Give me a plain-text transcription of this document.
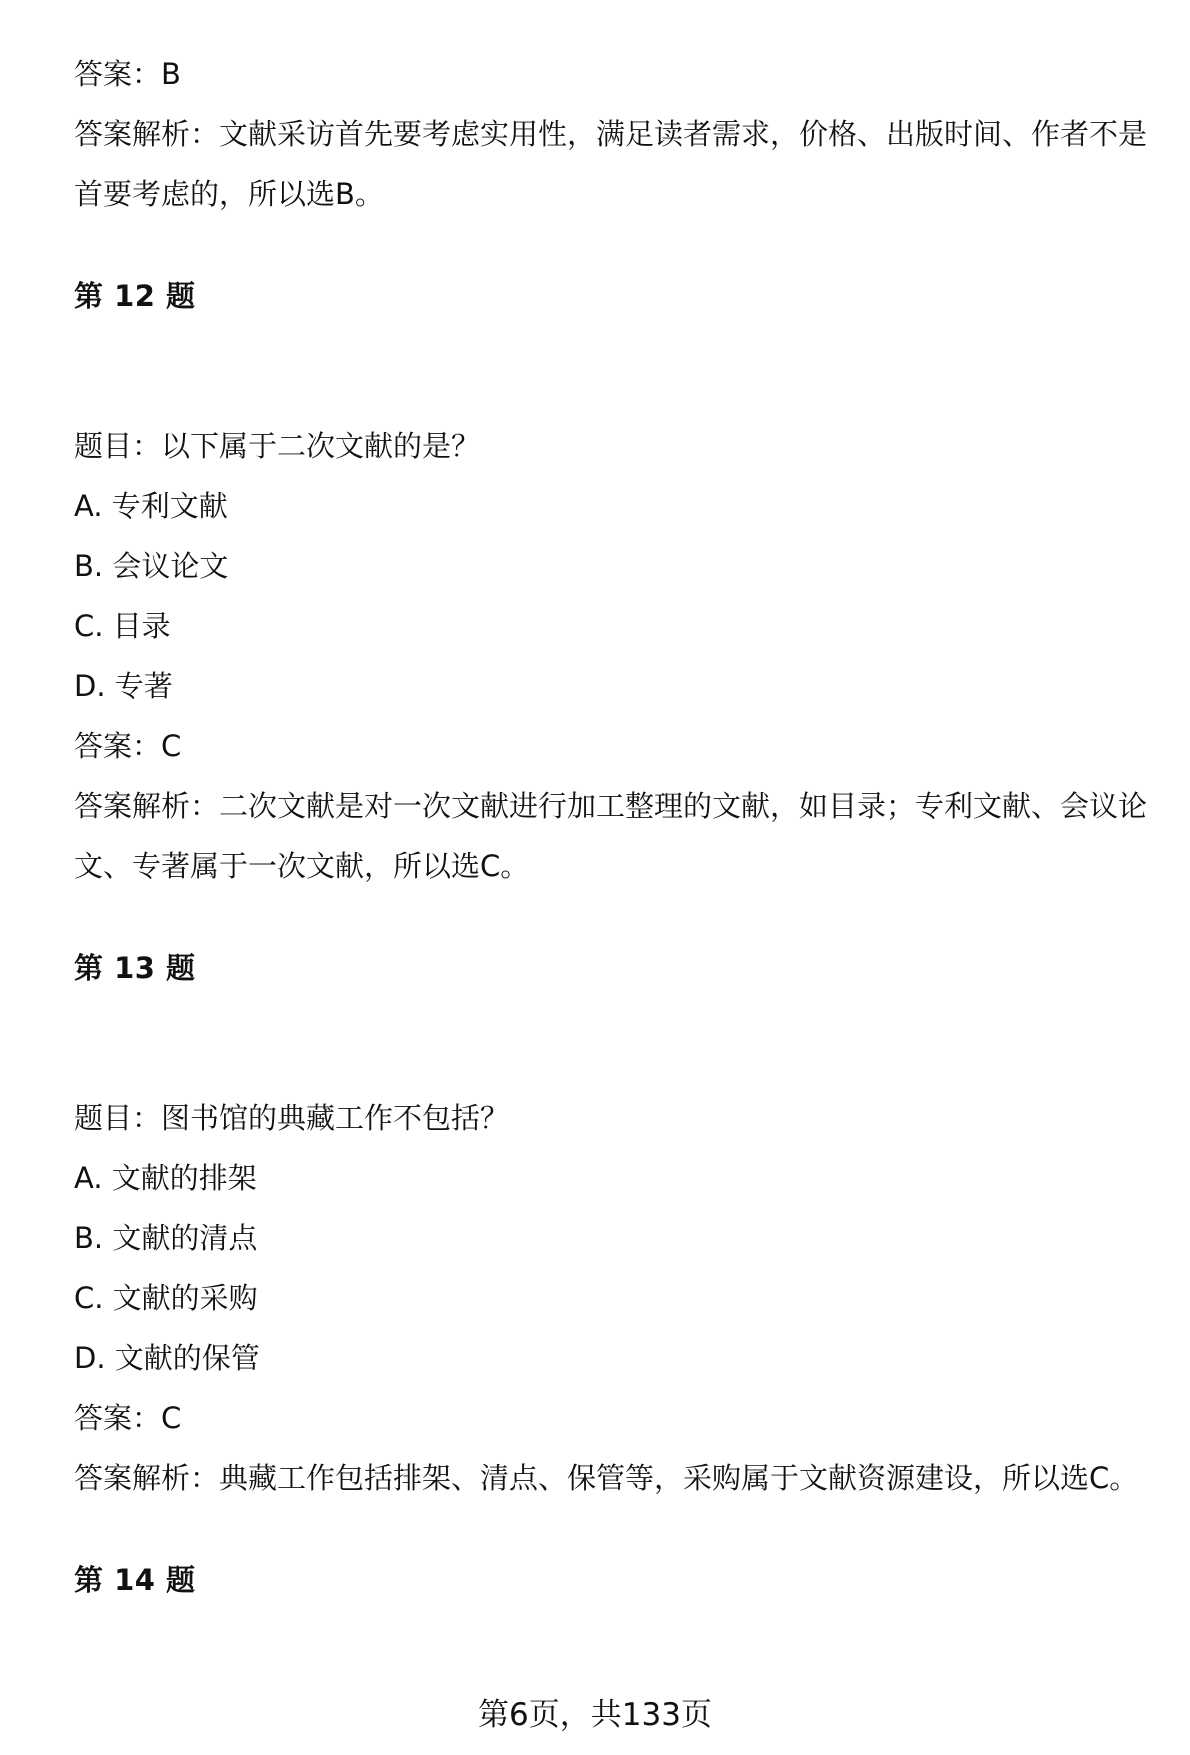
答案：B

答案解析：文献采访首先要考虑实用性，满足读者需求，价格、出版时间、作者不是首要考虑的，所以选B。

第 12 题

题目：以下属于二次文献的是？

A. 专利文献

B. 会议论文

C. 目录

D. 专著

答案：C

答案解析：二次文献是对一次文献进行加工整理的文献，如目录；专利文献、会议论文、专著属于一次文献，所以选C。

第 13 题

题目：图书馆的典藏工作不包括？

A. 文献的排架

B. 文献的清点

C. 文献的采购

D. 文献的保管

答案：C

答案解析：典藏工作包括排架、清点、保管等，采购属于文献资源建设，所以选C。

第 14 题

第6页，共133页
